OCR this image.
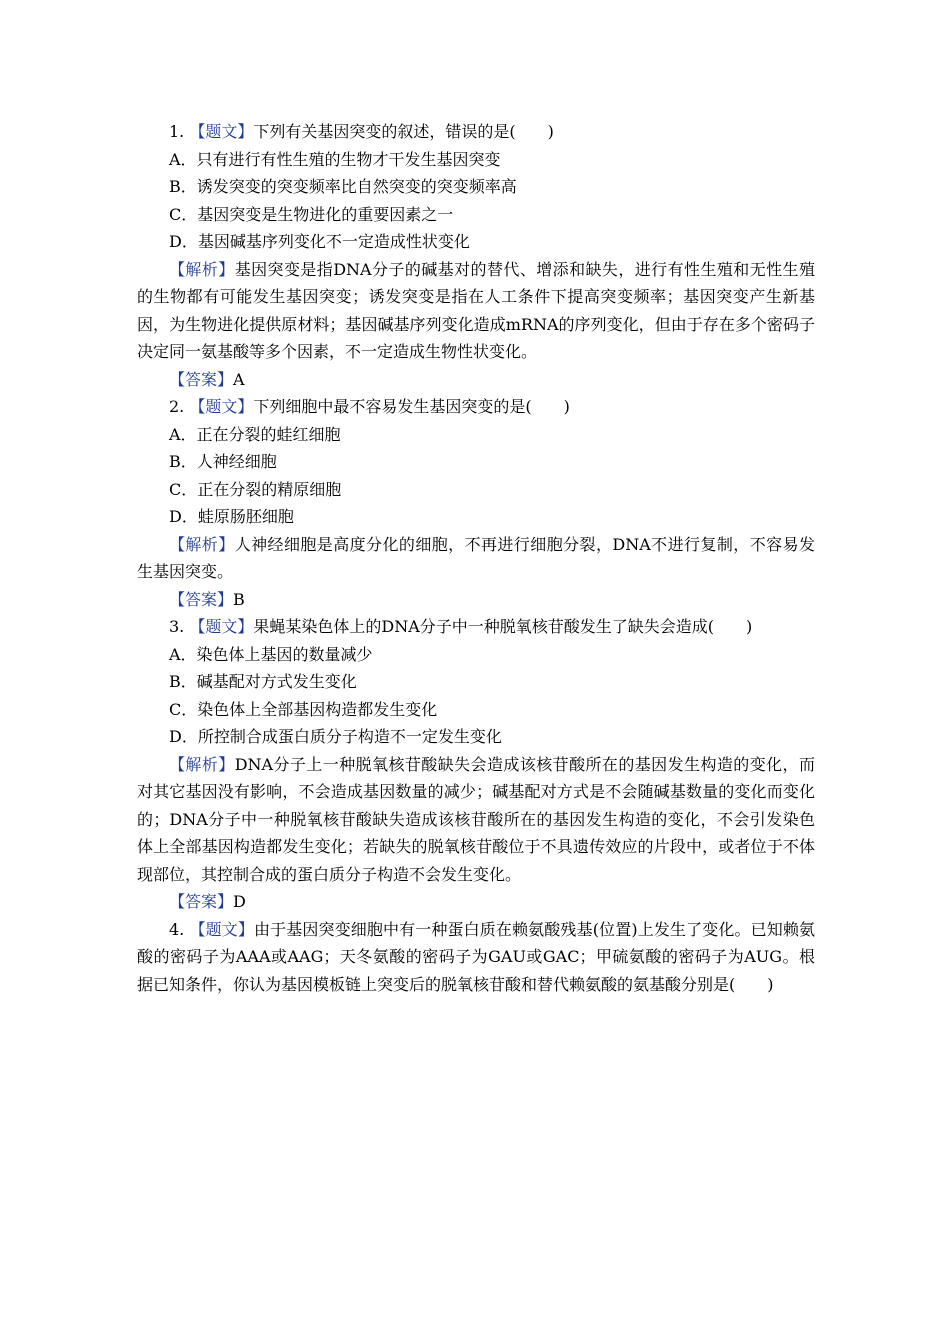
1. 【题文】下列有关基因突变的叙述，错误的是(　　)
A．只有进行有性生殖的生物才干发生基因突变
B．诱发突变的突变频率比自然突变的突变频率高
C．基因突变是生物进化的重要因素之一
D．基因碱基序列变化不一定造成性状变化
【解析】基因突变是指DNA分子的碱基对的替代、增添和缺失，进行有性生殖和无性生殖的生物都有可能发生基因突变；诱发突变是指在人工条件下提高突变频率；基因突变产生新基因，为生物进化提供原材料；基因碱基序列变化造成mRNA的序列变化，但由于存在多个密码子决定同一氨基酸等多个因素，不一定造成生物性状变化。
【答案】A
2. 【题文】下列细胞中最不容易发生基因突变的是(　　)
A．正在分裂的蛙红细胞
B．人神经细胞
C．正在分裂的精原细胞
D．蛙原肠胚细胞
【解析】人神经细胞是高度分化的细胞，不再进行细胞分裂，DNA不进行复制，不容易发生基因突变。
【答案】B
3. 【题文】果蝇某染色体上的DNA分子中一种脱氧核苷酸发生了缺失会造成(　　)
A．染色体上基因的数量减少
B．碱基配对方式发生变化
C．染色体上全部基因构造都发生变化
D．所控制合成蛋白质分子构造不一定发生变化
【解析】DNA分子上一种脱氧核苷酸缺失会造成该核苷酸所在的基因发生构造的变化，而对其它基因没有影响，不会造成基因数量的减少；碱基配对方式是不会随碱基数量的变化而变化的；DNA分子中一种脱氧核苷酸缺失造成该核苷酸所在的基因发生构造的变化，不会引发染色体上全部基因构造都发生变化；若缺失的脱氧核苷酸位于不具遗传效应的片段中，或者位于不体现部位，其控制合成的蛋白质分子构造不会发生变化。
【答案】D
4. 【题文】由于基因突变细胞中有一种蛋白质在赖氨酸残基(位置)上发生了变化。已知赖氨酸的密码子为AAA或AAG；天冬氨酸的密码子为GAU或GAC；甲硫氨酸的密码子为AUG。根据已知条件，你认为基因模板链上突变后的脱氧核苷酸和替代赖氨酸的氨基酸分别是(　　)
